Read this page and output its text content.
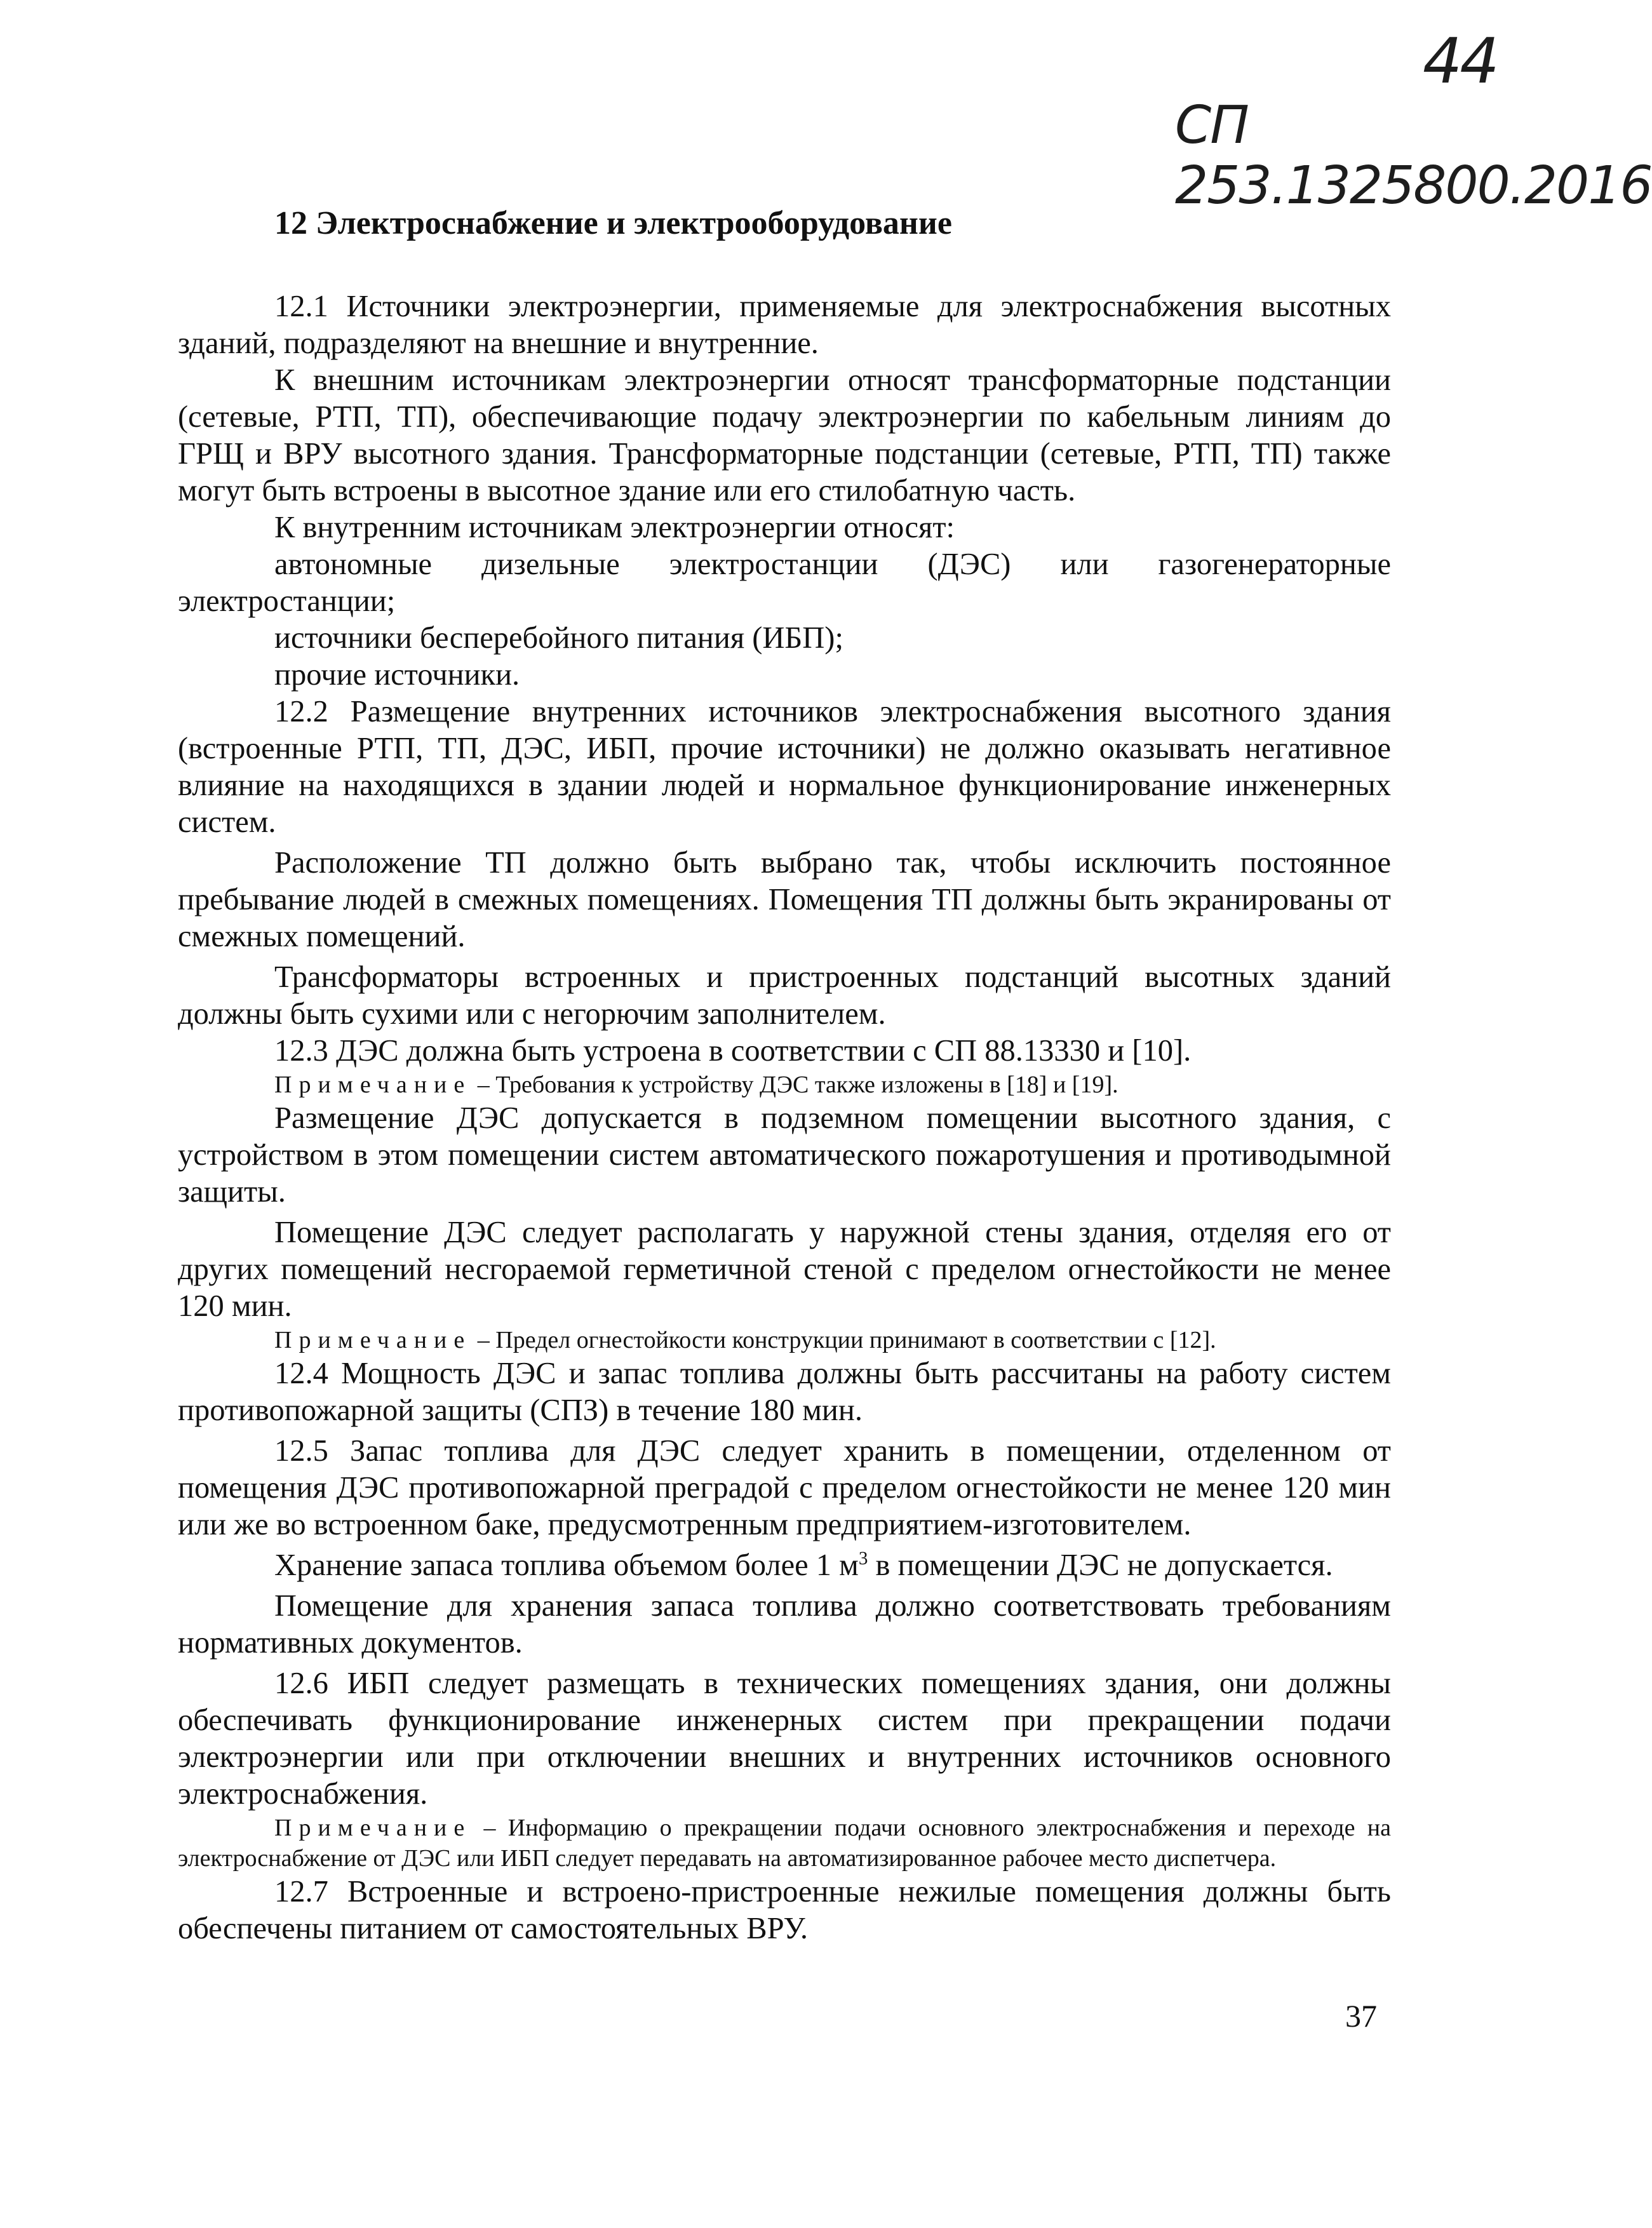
44
СП 253.1325800.2016
12 Электроснабжение и электрооборудование

12.1 Источники электроэнергии, применяемые для электроснабжения высотных зданий, подразделяют на внешние и внутренние.

К внешним источникам электроэнергии относят трансформаторные подстанции (сетевые, РТП, ТП), обеспечивающие подачу электроэнергии по кабельным линиям до ГРЩ и ВРУ высотного здания. Трансформаторные подстанции (сетевые, РТП, ТП) также могут быть встроены в высотное здание или его стилобатную часть.

К внутренним источникам электроэнергии относят:

автономные дизельные электростанции (ДЭС) или газогенераторные электростанции;

источники бесперебойного питания (ИБП);

прочие источники.

12.2 Размещение внутренних источников электроснабжения высотного здания (встроенные РТП, ТП, ДЭС, ИБП, прочие источники) не должно оказывать негативное влияние на находящихся в здании людей и нормальное функционирование инженерных систем.

Расположение ТП должно быть выбрано так, чтобы исключить постоянное пребывание людей в смежных помещениях. Помещения ТП должны быть экранированы от смежных помещений.

Трансформаторы встроенных и пристроенных подстанций высотных зданий должны быть сухими или с негорючим заполнителем.

12.3 ДЭС должна быть устроена в соответствии с СП 88.13330 и [10].

Примечание – Требования к устройству ДЭС также изложены в [18] и [19].

Размещение ДЭС допускается в подземном помещении высотного здания, с устройством в этом помещении систем автоматического пожаротушения и противодымной защиты.

Помещение ДЭС следует располагать у наружной стены здания, отделяя его от других помещений несгораемой герметичной стеной с пределом огнестойкости не менее 120 мин.

Примечание – Предел огнестойкости конструкции принимают в соответствии с [12].

12.4 Мощность ДЭС и запас топлива должны быть рассчитаны на работу систем противопожарной защиты (СПЗ) в течение 180 мин.

12.5 Запас топлива для ДЭС следует хранить в помещении, отделенном от помещения ДЭС противопожарной преградой с пределом огнестойкости не менее 120 мин или же во встроенном баке, предусмотренным предприятием-изготовителем.

Хранение запаса топлива объемом более 1 $м^3$ в помещении ДЭС не допускается.

Помещение для хранения запаса топлива должно соответствовать требованиям нормативных документов.

12.6 ИБП следует размещать в технических помещениях здания, они должны обеспечивать функционирование инженерных систем при прекращении подачи электроэнергии или при отключении внешних и внутренних источников основного электроснабжения.

Примечание – Информацию о прекращении подачи основного электроснабжения и переходе на электроснабжение от ДЭС или ИБП следует передавать на автоматизированное рабочее место диспетчера.

12.7 Встроенные и встроено-пристроенные нежилые помещения должны быть обеспечены питанием от самостоятельных ВРУ.

37
